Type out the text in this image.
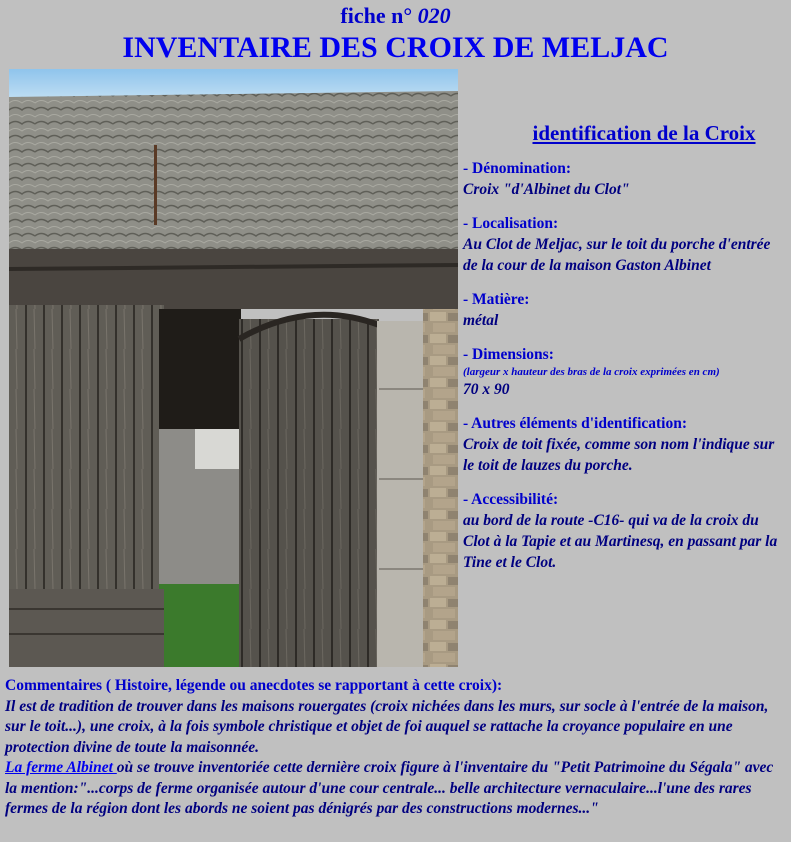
fiche n° 020
INVENTAIRE DES CROIX DE MELJAC
identification de la Croix
- Dénomination:
Croix "d'Albinet du Clot"
- Localisation:
Au Clot de Meljac, sur le toit du porche d'entrée de la cour de la maison Gaston Albinet
- Matière:
métal
- Dimensions:
(largeur x hauteur des bras de la croix exprimées en cm)
70 x 90
- Autres éléments d'identification:
Croix de toit fixée, comme son nom l'indique sur le toit de lauzes du porche.
- Accessibilité:
au bord de la route -C16- qui va de la croix du Clot à la Tapie et au Martinesq, en passant par la Tine et le Clot.
Commentaires ( Histoire, légende ou anecdotes se rapportant à cette croix):
Il est de tradition de trouver dans les maisons rouergates (croix nichées dans les murs, sur socle à l'entrée de la maison, sur le toit...), une croix, à la fois symbole christique et objet de foi auquel se rattache la croyance populaire en une protection divine de toute la maisonnée.
La ferme Albinet où se trouve inventoriée cette dernière croix figure à l'inventaire du "Petit Patrimoine du Ségala" avec la mention:"...corps de ferme organisée autour d'une cour centrale... belle architecture vernaculaire...l'une des rares fermes de la région dont les abords ne soient pas dénigrés par des constructions modernes..."
